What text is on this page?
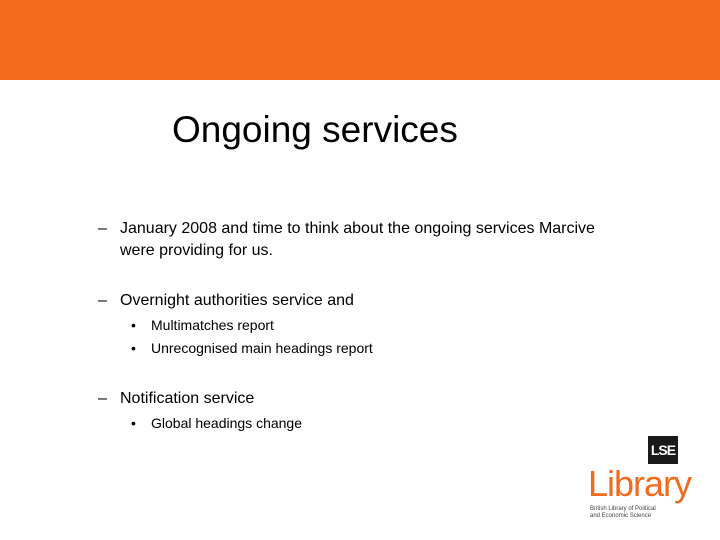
Ongoing services
– January 2008 and time to think about the ongoing services Marcive were providing for us.
– Overnight authorities service and
• Multimatches report
• Unrecognised main headings report
– Notification service
• Global headings change
LSE
Library
British Library of Political
and Economic Science
